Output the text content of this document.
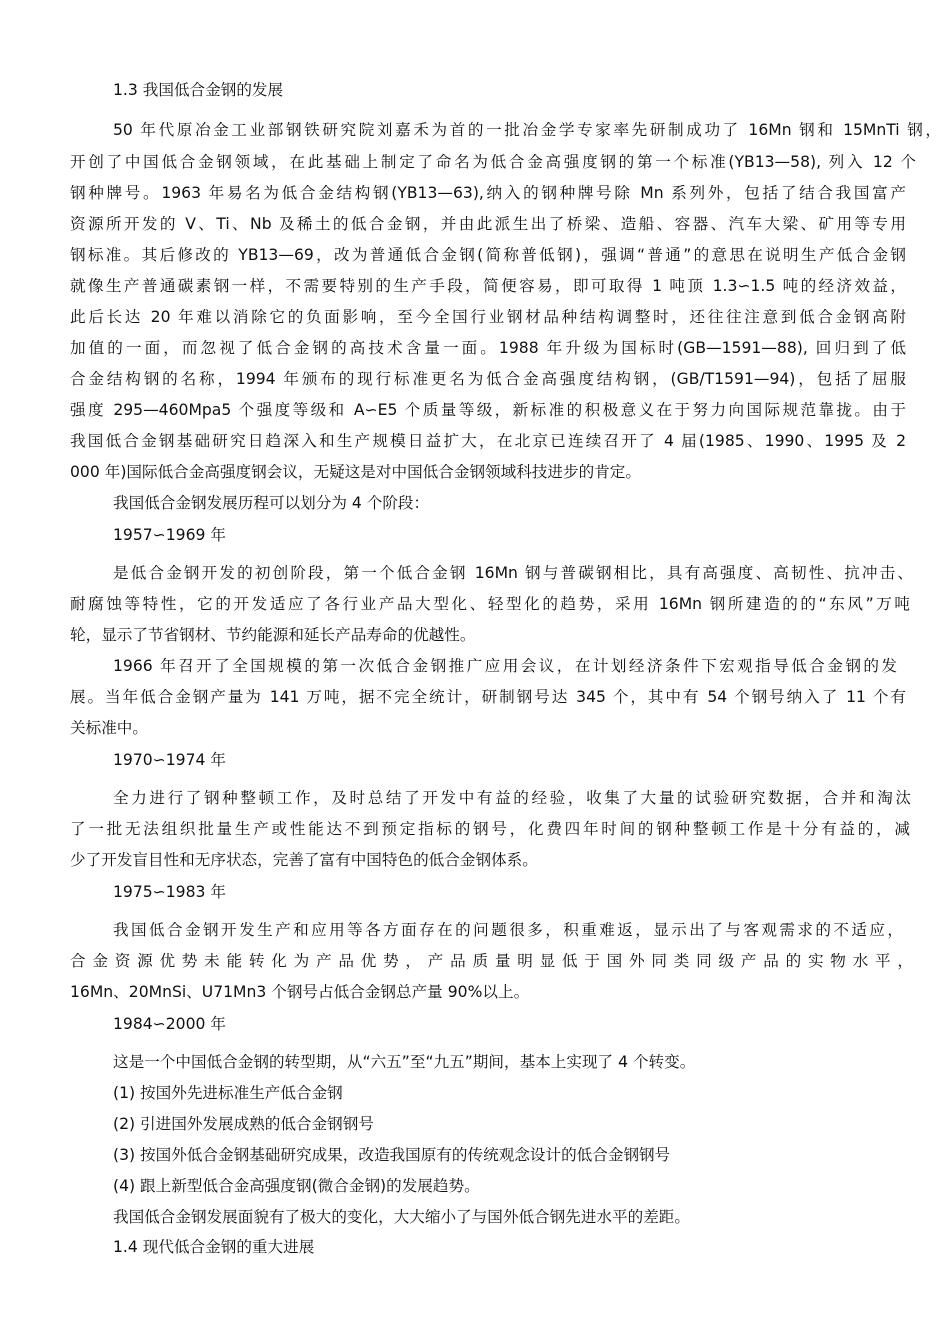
1.3 我国低合金钢的发展
50 年代原冶金工业部钢铁研究院刘嘉禾为首的一批冶金学专家率先研制成功了 16Mn 钢和 15MnTi 钢，
开创了中国低合金钢领域，在此基础上制定了命名为低合金高强度钢的第一个标准(YB13—58), 列入 12 个
钢种牌号。1963 年易名为低合金结构钢(YB13—63),纳入的钢种牌号除 Mn 系列外，包括了结合我国富产
资源所开发的 V、Ti、Nb 及稀土的低合金钢，并由此派生出了桥梁、造船、容器、汽车大梁、矿用等专用
钢标准。其后修改的 YB13—69，改为普通低合金钢(简称普低钢)，强调“普通”的意思在说明生产低合金钢
就像生产普通碳素钢一样，不需要特别的生产手段，简便容易，即可取得 1 吨顶 1.3∽1.5 吨的经济效益，
此后长达 20 年难以消除它的负面影响，至今全国行业钢材品种结构调整时，还往往注意到低合金钢高附
加值的一面，而忽视了低合金钢的高技术含量一面。1988 年升级为国标时(GB—1591—88), 回归到了低
合金结构钢的名称，1994 年颁布的现行标准更名为低合金高强度结构钢，(GB/T1591—94)，包括了屈服
强度 295—460Mpa5 个强度等级和 A∽E5 个质量等级，新标准的积极意义在于努力向国际规范靠拢。由于
我国低合金钢基础研究日趋深入和生产规模日益扩大，在北京已连续召开了 4 届(1985、1990、1995 及 2
000 年)国际低合金高强度钢会议，无疑这是对中国低合金钢领域科技进步的肯定。
我国低合金钢发展历程可以划分为 4 个阶段：
1957∽1969 年
是低合金钢开发的初创阶段，第一个低合金钢 16Mn 钢与普碳钢相比，具有高强度、高韧性、抗冲击、
耐腐蚀等特性，它的开发适应了各行业产品大型化、轻型化的趋势，采用 16Mn 钢所建造的的“东风”万吨
轮，显示了节省钢材、节约能源和延长产品寿命的优越性。
1966 年召开了全国规模的第一次低合金钢推广应用会议，在计划经济条件下宏观指导低合金钢的发
展。当年低合金钢产量为 141 万吨，据不完全统计，研制钢号达 345 个，其中有 54 个钢号纳入了 11 个有
关标准中。
1970∽1974 年
全力进行了钢种整顿工作，及时总结了开发中有益的经验，收集了大量的试验研究数据，合并和淘汰
了一批无法组织批量生产或性能达不到预定指标的钢号，化费四年时间的钢种整顿工作是十分有益的，减
少了开发盲目性和无序状态，完善了富有中国特色的低合金钢体系。
1975∽1983 年
我国低合金钢开发生产和应用等各方面存在的问题很多，积重难返，显示出了与客观需求的不适应，
合金资源优势未能转化为产品优势，产品质量明显低于国外同类同级产品的实物水平，
16Mn、20MnSi、U71Mn3 个钢号占低合金钢总产量 90%以上。
1984∽2000 年
这是一个中国低合金钢的转型期，从“六五”至“九五”期间，基本上实现了 4 个转变。
(1) 按国外先进标准生产低合金钢
(2) 引进国外发展成熟的低合金钢钢号
(3) 按国外低合金钢基础研究成果，改造我国原有的传统观念设计的低合金钢钢号
(4) 跟上新型低合金高强度钢(微合金钢)的发展趋势。
我国低合金钢发展面貌有了极大的变化，大大缩小了与国外低合钢先进水平的差距。
1.4 现代低合金钢的重大进展
